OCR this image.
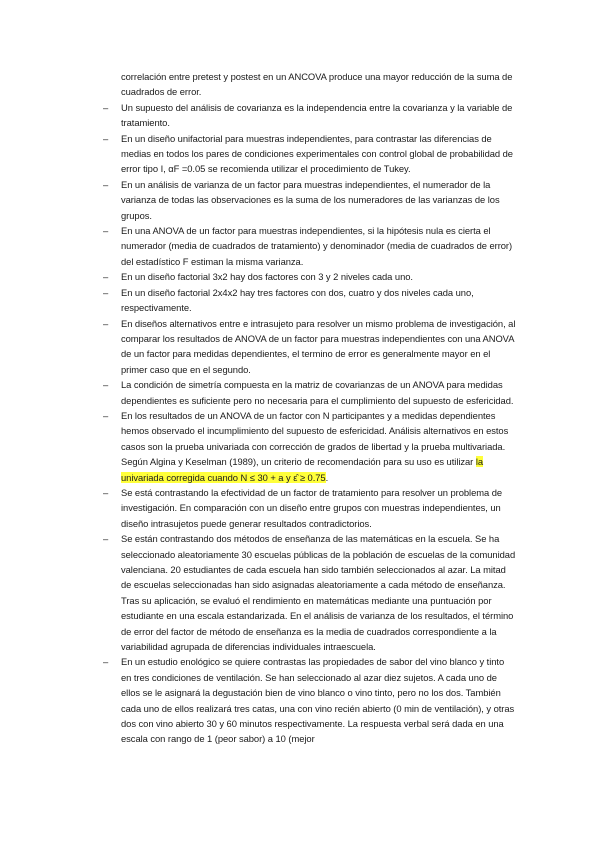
correlación entre pretest y postest en un ANCOVA produce una mayor reducción de la suma de cuadrados de error.

– Un supuesto del análisis de covarianza es la independencia entre la covarianza y la variable de tratamiento.

– En un diseño unifactorial para muestras independientes, para contrastar las diferencias de medias en todos los pares de condiciones experimentales con control global de probabilidad de error tipo I, αF =0.05 se recomienda utilizar el procedimiento de Tukey.

– En un análisis de varianza de un factor para muestras independientes, el numerador de la varianza de todas las observaciones es la suma de los numeradores de las varianzas de los grupos.

– En una ANOVA de un factor para muestras independientes, si la hipótesis nula es cierta el numerador (media de cuadrados de tratamiento) y denominador (media de cuadrados de error) del estadístico F estiman la misma varianza.

– En un diseño factorial 3x2 hay dos factores con 3 y 2 niveles cada uno.

– En un diseño factorial 2x4x2 hay tres factores con dos, cuatro y dos niveles cada uno, respectivamente.

– En diseños alternativos entre e intrasujeto para resolver un mismo problema de investigación, al comparar los resultados de ANOVA de un factor para muestras independientes con una ANOVA de un factor para medidas dependientes, el termino de error es generalmente mayor en el primer caso que en el segundo.

– La condición de simetría compuesta en la matriz de covarianzas de un ANOVA para medidas dependientes es suficiente pero no necesaria para el cumplimiento del supuesto de esfericidad.

– En los resultados de un ANOVA de un factor con N participantes y a medidas dependientes hemos observado el incumplimiento del supuesto de esfericidad. Análisis alternativos en estos casos son la prueba univariada con corrección de grados de libertad y la prueba multivariada. Según Algina y Keselman (1989), un criterio de recomendación para su uso es utilizar la univariada corregida cuando N ≤ 30 + a y ε̂ ≥ 0.75.

– Se está contrastando la efectividad de un factor de tratamiento para resolver un problema de investigación. En comparación con un diseño entre grupos con muestras independientes, un diseño intrasujetos puede generar resultados contradictorios.

– Se están contrastando dos métodos de enseñanza de las matemáticas en la escuela. Se ha seleccionado aleatoriamente 30 escuelas públicas de la población de escuelas de la comunidad valenciana. 20 estudiantes de cada escuela han sido también seleccionados al azar. La mitad de escuelas seleccionadas han sido asignadas aleatoriamente a cada método de enseñanza. Tras su aplicación, se evaluó el rendimiento en matemáticas mediante una puntuación por estudiante en una escala estandarizada. En el análisis de varianza de los resultados, el término de error del factor de método de enseñanza es la media de cuadrados correspondiente a la variabilidad agrupada de diferencias individuales intraescuela.

– En un estudio enológico se quiere contrastas las propiedades de sabor del vino blanco y tinto en tres condiciones de ventilación. Se han seleccionado al azar diez sujetos. A cada uno de ellos se le asignará la degustación bien de vino blanco o vino tinto, pero no los dos. También cada uno de ellos realizará tres catas, una con vino recién abierto (0 min de ventilación), y otras dos con vino abierto 30 y 60 minutos respectivamente. La respuesta verbal será dada en una escala con rango de 1 (peor sabor) a 10 (mejor
